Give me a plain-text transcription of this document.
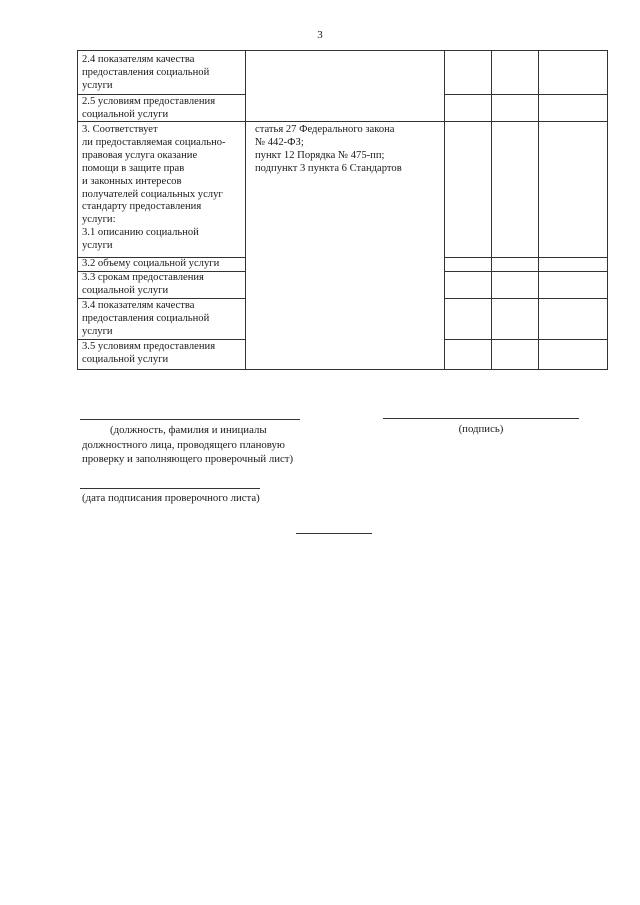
3
2.4 показателям качества
предоставления социальной
услуги
2.5 условиям предоставления
социальной услуги
3. Соответствует
ли предоставляемая социально-
правовая услуга оказание
помощи в защите прав
и законных интересов
получателей социальных услуг
стандарту предоставления
услуги:
3.1 описанию социальной
услуги
3.2 объему социальной услуги
3.3 срокам предоставления
социальной услуги
3.4 показателям качества
предоставления социальной
услуги
3.5 условиям предоставления
социальной услуги
статья 27 Федерального закона
№ 442-ФЗ;
пункт 12 Порядка № 475-пп;
подпункт 3 пункта 6 Стандартов
(должность, фамилия и инициалы
должностного лица, проводящего плановую
проверку и заполняющего проверочный лист)
(подпись)
(дата подписания проверочного листа)
